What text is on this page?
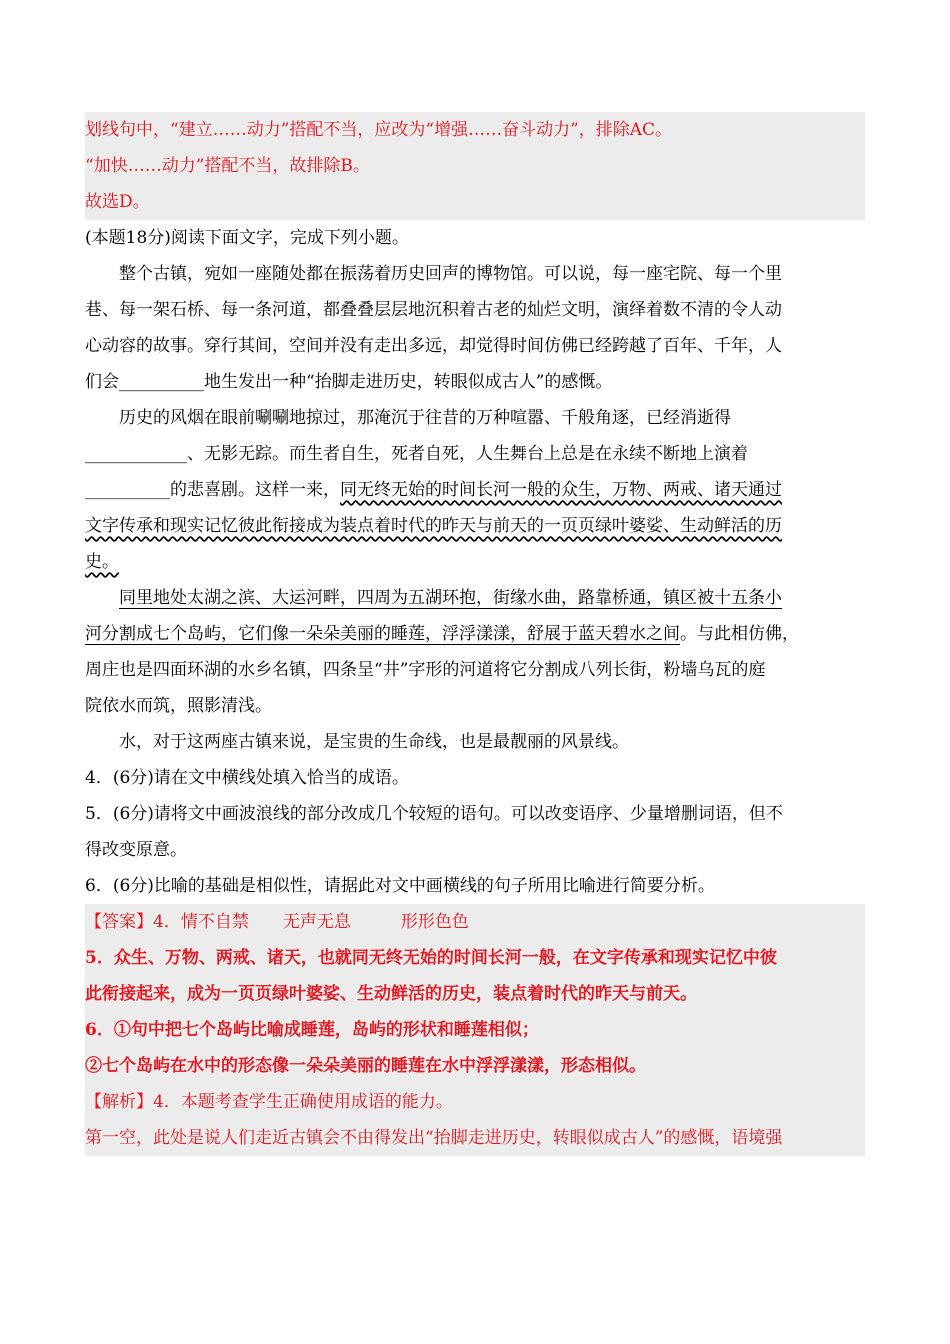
划线句中，“建立……动力”搭配不当，应改为“增强……奋斗动力”，排除AC。
“加快……动力”搭配不当，故排除B。
故选D。
(本题18分)阅读下面文字，完成下列小题。
整个古镇，宛如一座随处都在振荡着历史回声的博物馆。可以说，每一座宅院、每一个里
巷、每一架石桥、每一条河道，都叠叠层层地沉积着古老的灿烂文明，演绎着数不清的令人动
心动容的故事。穿行其间，空间并没有走出多远，却觉得时间仿佛已经跨越了百年、千年，人
们会__________地生发出一种“抬脚走进历史，转眼似成古人”的感慨。
历史的风烟在眼前唰唰地掠过，那淹沉于往昔的万种喧嚣、千般角逐，已经消逝得
____________、无影无踪。而生者自生，死者自死，人生舞台上总是在永续不断地上演着
__________的悲喜剧。这样一来，同无终无始的时间长河一般的众生，万物、两戒、诸天通过
文字传承和现实记忆彼此衔接成为装点着时代的昨天与前天的一页页绿叶婆娑、生动鲜活的历
史。
同里地处太湖之滨、大运河畔，四周为五湖环抱，街缘水曲，路靠桥通，镇区被十五条小
河分割成七个岛屿，它们像一朵朵美丽的睡莲，浮浮漾漾，舒展于蓝天碧水之间。与此相仿佛，
周庄也是四面环湖的水乡名镇，四条呈“井”字形的河道将它分割成八列长街，粉墙乌瓦的庭
院依水而筑，照影清浅。
水，对于这两座古镇来说，是宝贵的生命线，也是最靓丽的风景线。
4．(6分)请在文中横线处填入恰当的成语。
5．(6分)请将文中画波浪线的部分改成几个较短的语句。可以改变语序、少量增删词语，但不
得改变原意。
6．(6分)比喻的基础是相似性，请据此对文中画横线的句子所用比喻进行简要分析。
【答案】4．情不自禁 无声无息	形形色色
5．众生、万物、两戒、诸天，也就同无终无始的时间长河一般，在文字传承和现实记忆中彼
此衔接起来，成为一页页绿叶婆娑、生动鲜活的历史，装点着时代的昨天与前天。
6．①句中把七个岛屿比喻成睡莲，岛屿的形状和睡莲相似；
②七个岛屿在水中的形态像一朵朵美丽的睡莲在水中浮浮漾漾，形态相似。
【解析】4．本题考查学生正确使用成语的能力。
第一空，此处是说人们走近古镇会不由得发出“抬脚走进历史，转眼似成古人”的感慨，语境强
